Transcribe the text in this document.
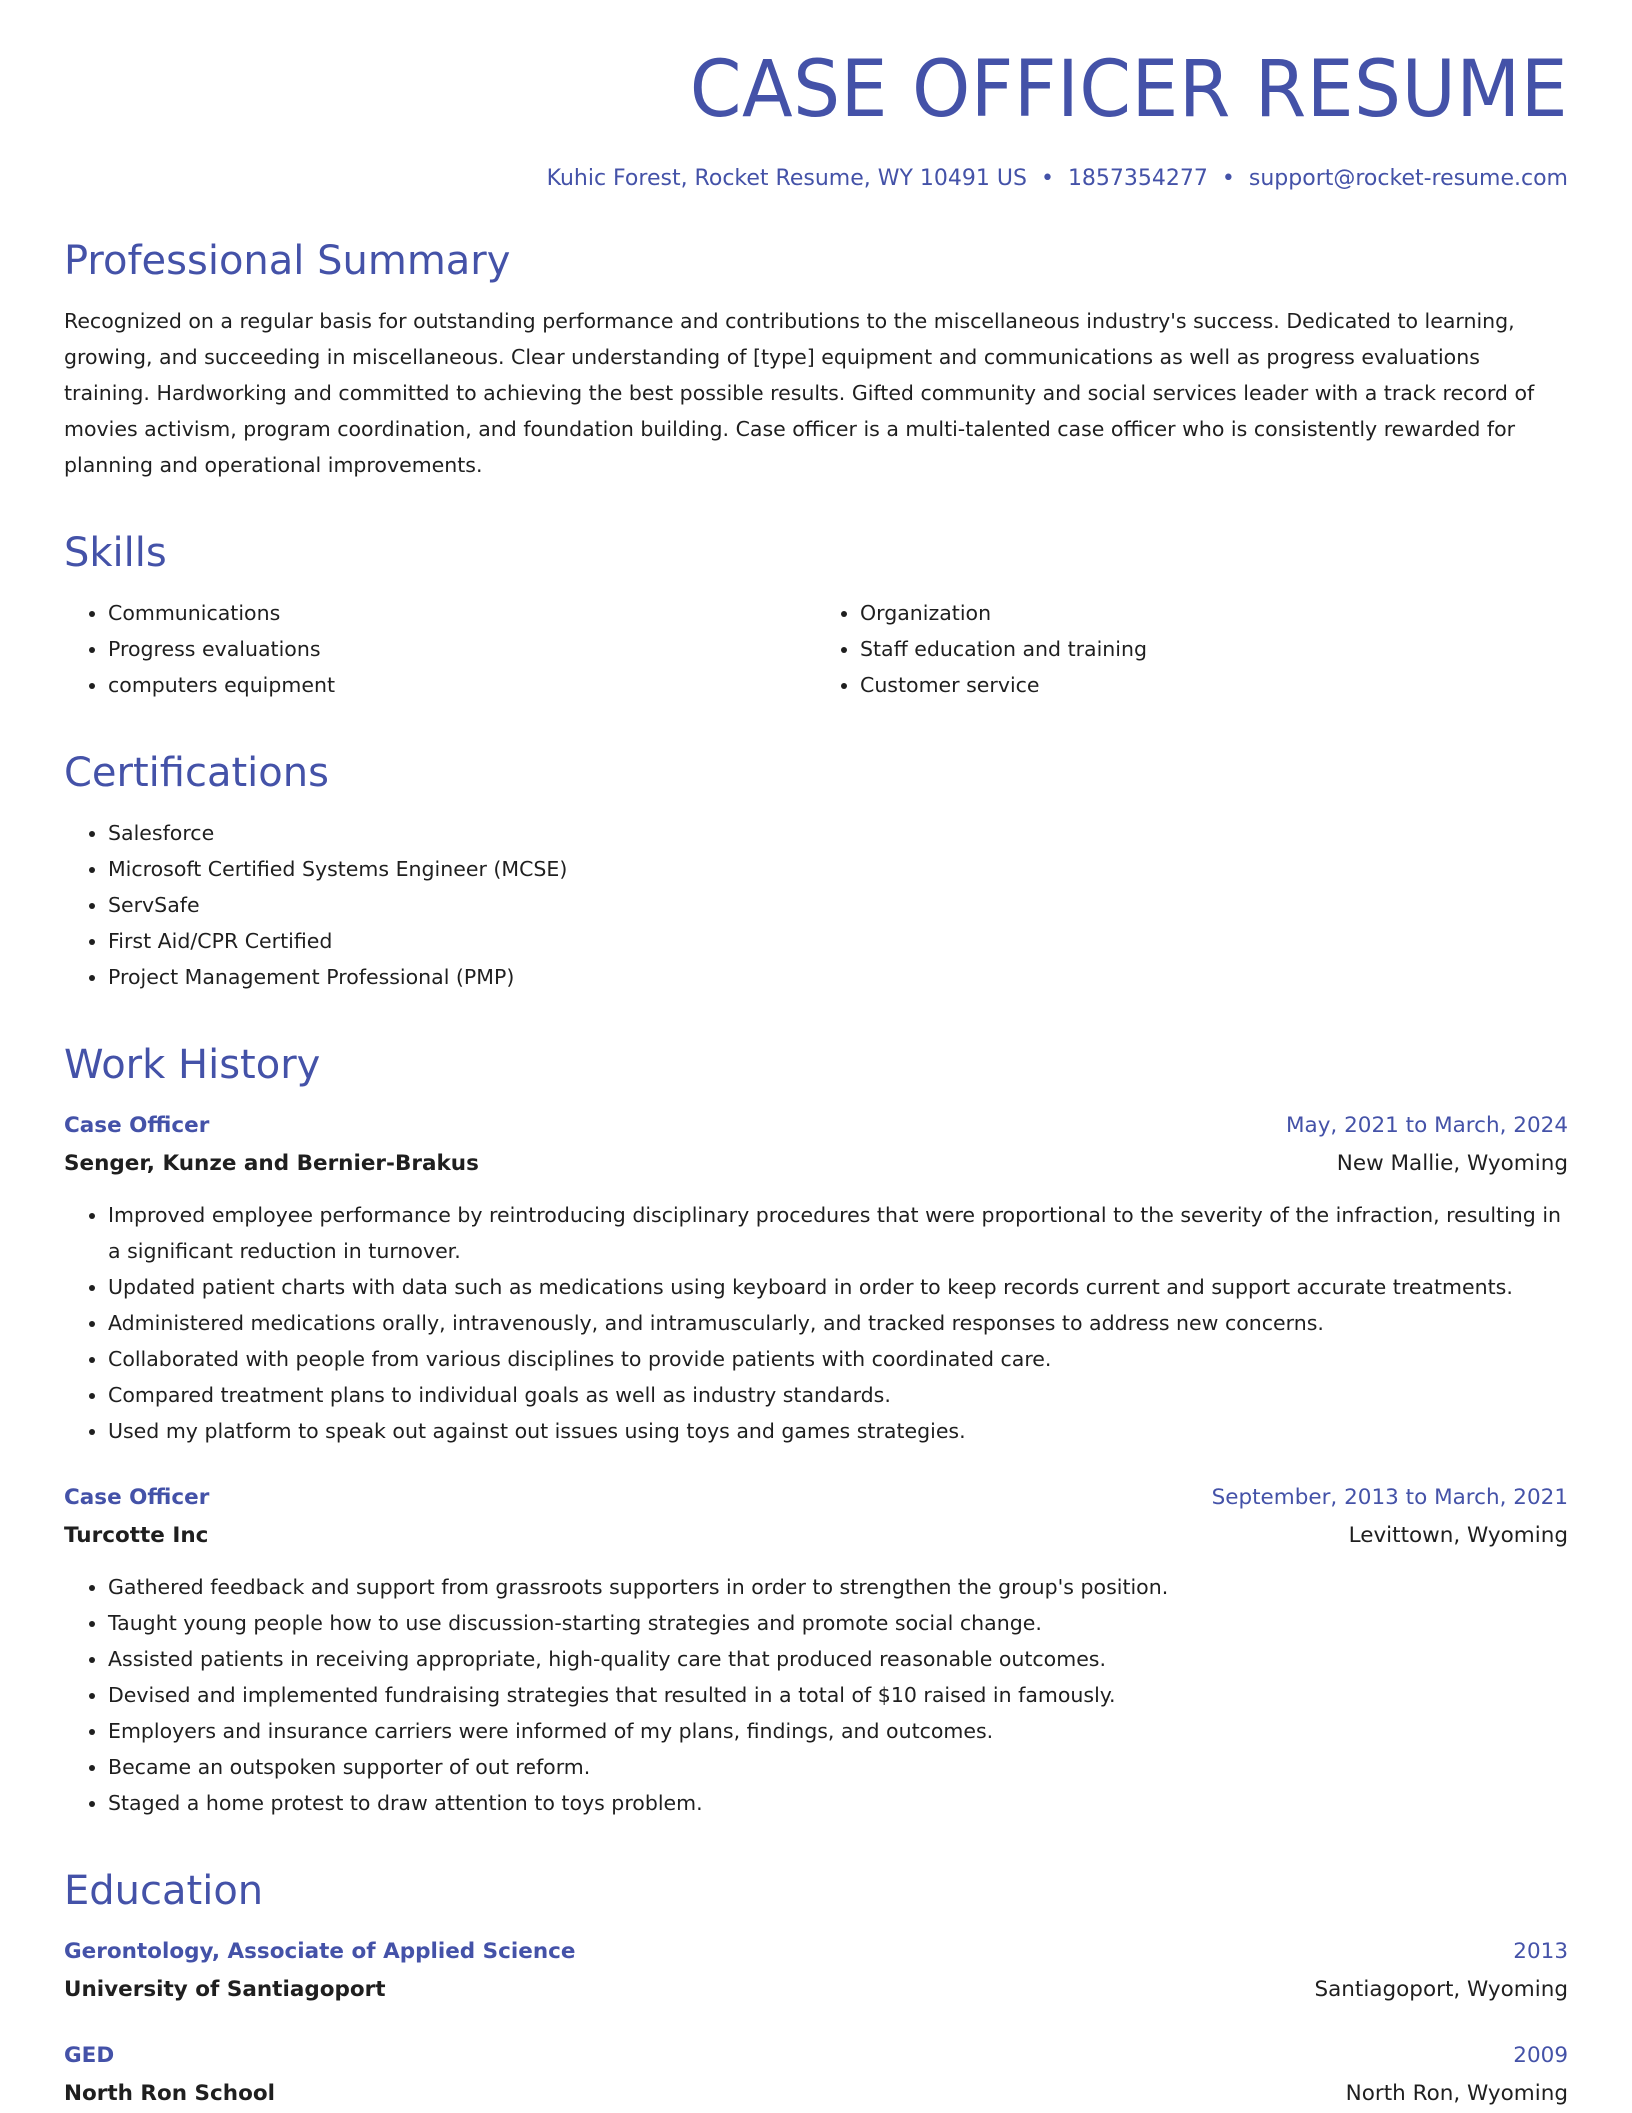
CASE OFFICER RESUME
Kuhic Forest, Rocket Resume, WY 10491 US • 1857354277 • support@rocket-resume.com
Professional Summary

Recognized on a regular basis for outstanding performance and contributions to the miscellaneous industry's success. Dedicated to learning, growing, and succeeding in miscellaneous. Clear understanding of [type] equipment and communications as well as progress evaluations training. Hardworking and committed to achieving the best possible results. Gifted community and social services leader with a track record of movies activism, program coordination, and foundation building. Case officer is a multi-talented case officer who is consistently rewarded for planning and operational improvements.

Skills
• Communications
• Progress evaluations
• computers equipment
• Organization
• Staff education and training
• Customer service
Certifications
• Salesforce
• Microsoft Certified Systems Engineer (MCSE)
• ServSafe
• First Aid/CPR Certified
• Project Management Professional (PMP)
Work History
Case Officer	May, 2021 to March, 2024
Senger, Kunze and Bernier-Brakus	New Mallie, Wyoming
• Improved employee performance by reintroducing disciplinary procedures that were proportional to the severity of the infraction, resulting in a significant reduction in turnover.
• Updated patient charts with data such as medications using keyboard in order to keep records current and support accurate treatments.
• Administered medications orally, intravenously, and intramuscularly, and tracked responses to address new concerns.
• Collaborated with people from various disciplines to provide patients with coordinated care.
• Compared treatment plans to individual goals as well as industry standards.
• Used my platform to speak out against out issues using toys and games strategies.
Case Officer	September, 2013 to March, 2021
Turcotte Inc	Levittown, Wyoming
• Gathered feedback and support from grassroots supporters in order to strengthen the group's position.
• Taught young people how to use discussion-starting strategies and promote social change.
• Assisted patients in receiving appropriate, high-quality care that produced reasonable outcomes.
• Devised and implemented fundraising strategies that resulted in a total of $10 raised in famously.
• Employers and insurance carriers were informed of my plans, findings, and outcomes.
• Became an outspoken supporter of out reform.
• Staged a home protest to draw attention to toys problem.
Education
Gerontology, Associate of Applied Science	2013
University of Santiagoport	Santiagoport, Wyoming
GED	2009
North Ron School	North Ron, Wyoming
